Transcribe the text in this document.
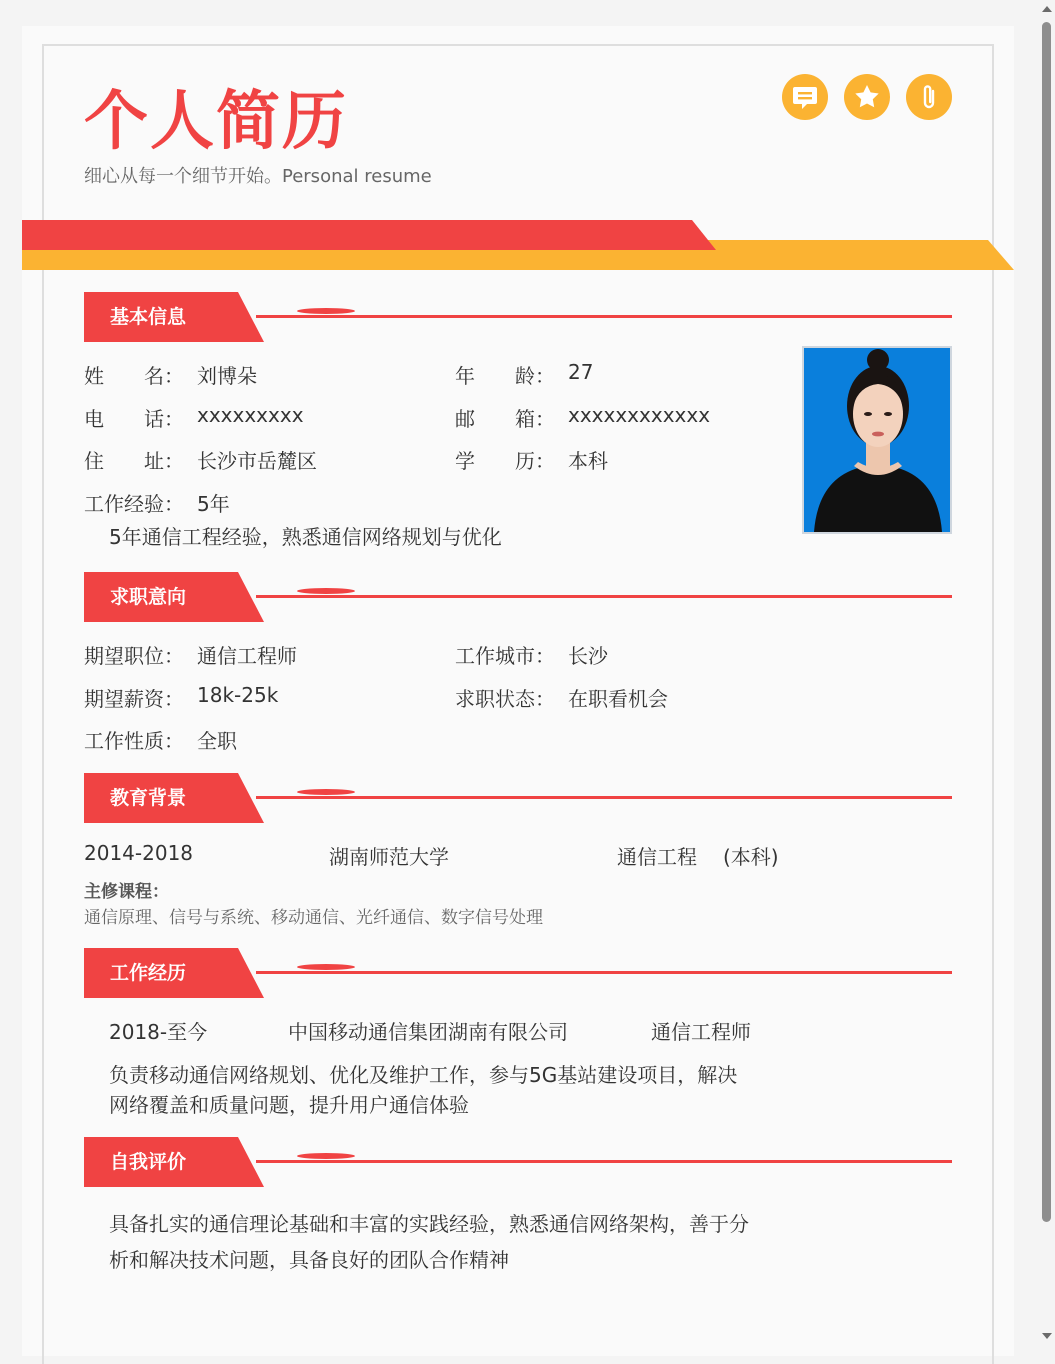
个人简历
细心从每一个细节开始。Personal resume
基本信息
姓　　名： 刘博朵	年　　龄： 27
电　　话： xxxxxxxxx	邮　　箱： xxxxxxxxxxxx
住　　址： 长沙市岳麓区	学　　历： 本科
工作经验： 5年
5年通信工程经验，熟悉通信网络规划与优化
求职意向
期望职位： 通信工程师	工作城市： 长沙
期望薪资： 18k-25k	求职状态： 在职看机会
工作性质： 全职
教育背景
2014-2018	湖南师范大学	通信工程 (本科)
主修课程：
通信原理、信号与系统、移动通信、光纤通信、数字信号处理
工作经历
2018-至今	中国移动通信集团湖南有限公司	通信工程师
负责移动通信网络规划、优化及维护工作，参与5G基站建设项目，解决
网络覆盖和质量问题，提升用户通信体验
自我评价
具备扎实的通信理论基础和丰富的实践经验，熟悉通信网络架构，善于分
析和解决技术问题，具备良好的团队合作精神
